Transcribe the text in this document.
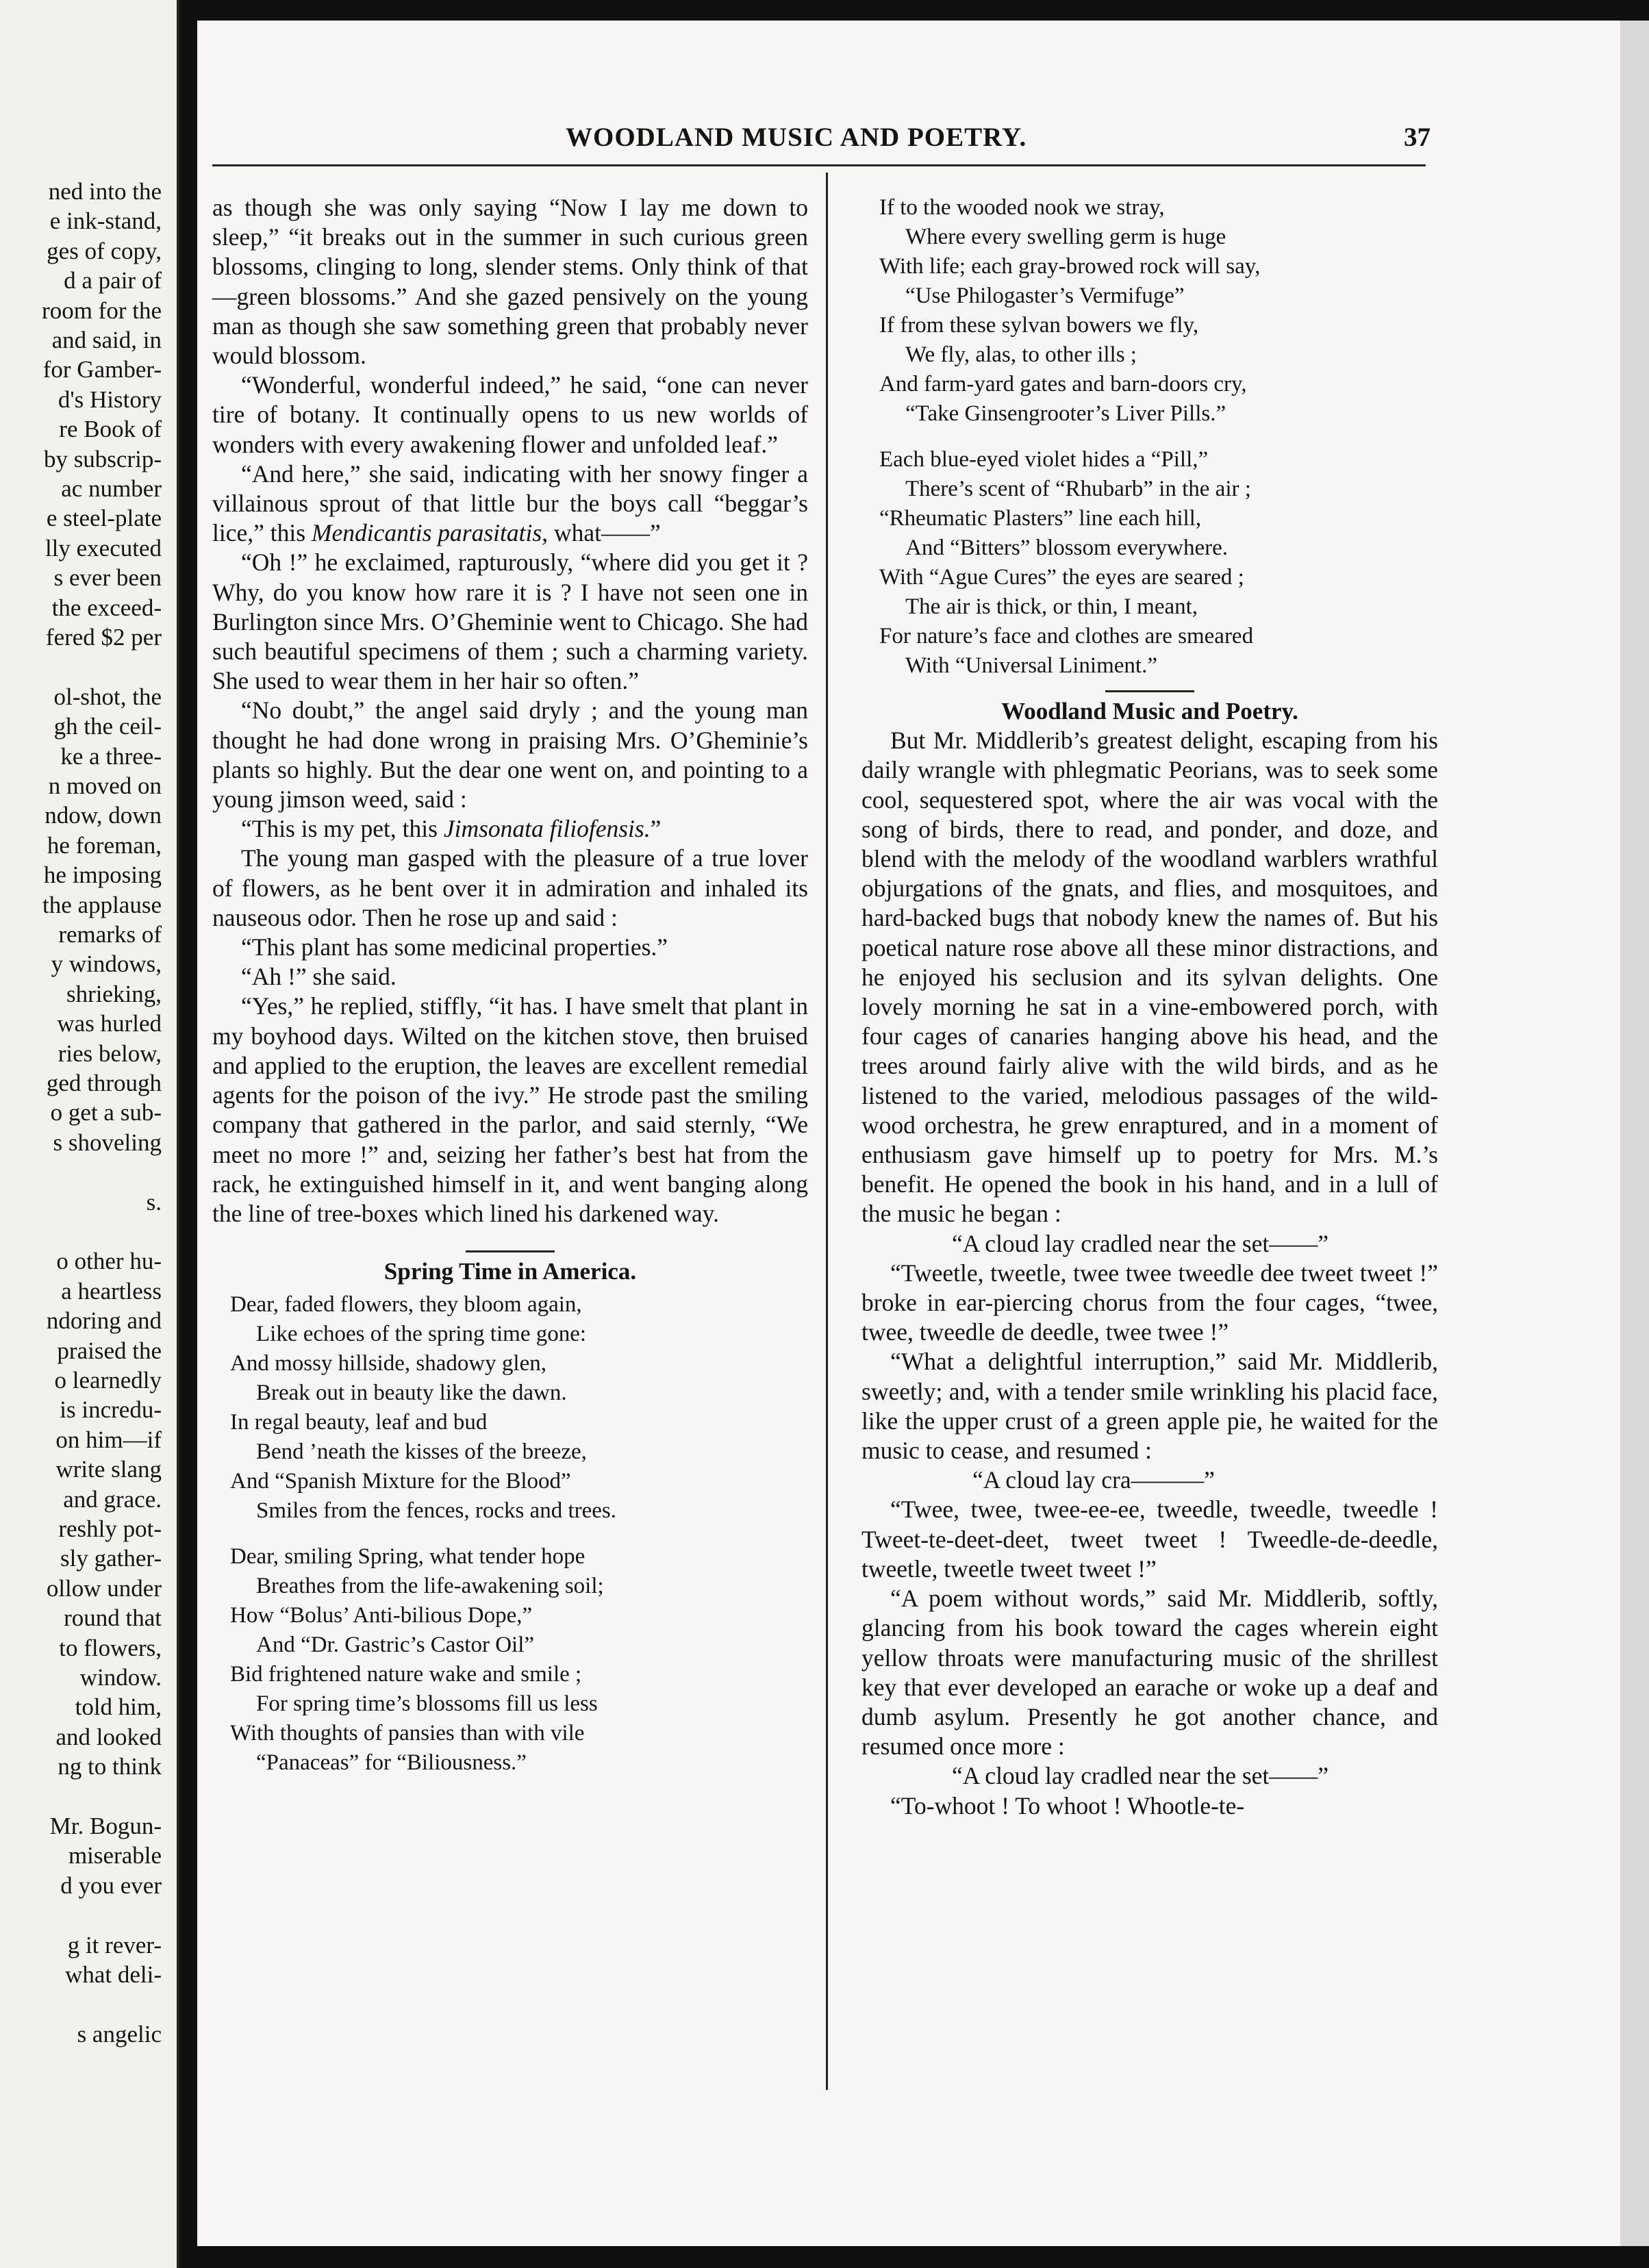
ned into the
e ink-stand,
ges of copy,
d a pair of
room for the
and said, in
for Gamber-
d's History
re Book of
by subscrip-
ac number
e steel-plate
lly executed
s ever been
the exceed-
fered $2 per
ol-shot, the
gh the ceil-
ke a three-
n moved on
ndow, down
he foreman,
he imposing
the applause
remarks of
y windows,
shrieking,
was hurled
ries below,
ged through
o get a sub-
s shoveling
s.
o other hu-
a heartless
ndoring and
praised the
o learnedly
is incredu-
on him—if
write slang
and grace.
reshly pot-
sly gather-
ollow under
round that
to flowers,
window.
told him,
and looked
ng to think
Mr. Bogun-
miserable
d you ever
g it rever-
what deli-
s angelic
WOODLAND MUSIC AND POETRY.	37

as though she was only saying “Now I lay me down to sleep,” “it breaks out in the summer in such curious green blossoms, clinging to long, slender stems. Only think of that—green blossoms.” And she gazed pensively on the young man as though she saw something green that probably never would blossom.

“Wonderful, wonderful indeed,” he said, “one can never tire of botany. It continually opens to us new worlds of wonders with every awakening flower and unfolded leaf.”

“And here,” she said, indicating with her snowy finger a villainous sprout of that little bur the boys call “beggar’s lice,” this Mendicantis parasitatis, what——”

“Oh !” he exclaimed, rapturously, “where did you get it ? Why, do you know how rare it is ? I have not seen one in Burlington since Mrs. O’Gheminie went to Chicago. She had such beautiful specimens of them ; such a charming variety. She used to wear them in her hair so often.”

“No doubt,” the angel said dryly ; and the young man thought he had done wrong in praising Mrs. O’Gheminie’s plants so highly. But the dear one went on, and pointing to a young jimson weed, said :

“This is my pet, this Jimsonata filiofensis.”

The young man gasped with the pleasure of a true lover of flowers, as he bent over it in admiration and inhaled its nauseous odor. Then he rose up and said :

“This plant has some medicinal properties.”

“Ah !” she said.

“Yes,” he replied, stiffly, “it has. I have smelt that plant in my boyhood days. Wilted on the kitchen stove, then bruised and applied to the eruption, the leaves are excellent remedial agents for the poison of the ivy.” He strode past the smiling company that gathered in the parlor, and said sternly, “We meet no more !” and, seizing her father’s best hat from the rack, he extinguished himself in it, and went banging along the line of tree-boxes which lined his darkened way.

Spring Time in America.
Dear, faded flowers, they bloom again,
Like echoes of the spring time gone:
And mossy hillside, shadowy glen,
Break out in beauty like the dawn.
In regal beauty, leaf and bud
Bend ’neath the kisses of the breeze,
And “Spanish Mixture for the Blood”
Smiles from the fences, rocks and trees.
Dear, smiling Spring, what tender hope
Breathes from the life-awakening soil;
How “Bolus’ Anti-bilious Dope,”
And “Dr. Gastric’s Castor Oil”
Bid frightened nature wake and smile ;
For spring time’s blossoms fill us less
With thoughts of pansies than with vile
“Panaceas” for “Biliousness.”
If to the wooded nook we stray,
Where every swelling germ is huge
With life; each gray-browed rock will say,
“Use Philogaster’s Vermifuge”
If from these sylvan bowers we fly,
We fly, alas, to other ills ;
And farm-yard gates and barn-doors cry,
“Take Ginsengrooter’s Liver Pills.”
Each blue-eyed violet hides a “Pill,”
There’s scent of “Rhubarb” in the air ;
“Rheumatic Plasters” line each hill,
And “Bitters” blossom everywhere.
With “Ague Cures” the eyes are seared ;
The air is thick, or thin, I meant,
For nature’s face and clothes are smeared
With “Universal Liniment.”
Woodland Music and Poetry.

But Mr. Middlerib’s greatest delight, escaping from his daily wrangle with phlegmatic Peorians, was to seek some cool, sequestered spot, where the air was vocal with the song of birds, there to read, and ponder, and doze, and blend with the melody of the woodland warblers wrathful objurgations of the gnats, and flies, and mosquitoes, and hard-backed bugs that nobody knew the names of. But his poetical nature rose above all these minor distractions, and he enjoyed his seclusion and its sylvan delights. One lovely morning he sat in a vine-embowered porch, with four cages of canaries hanging above his head, and the trees around fairly alive with the wild birds, and as he listened to the varied, melodious passages of the wild-wood orchestra, he grew enraptured, and in a moment of enthusiasm gave himself up to poetry for Mrs. M.’s benefit. He opened the book in his hand, and in a lull of the music he began :

“A cloud lay cradled near the set——”

“Tweetle, tweetle, twee twee tweedle dee tweet tweet !” broke in ear-piercing chorus from the four cages, “twee, twee, tweedle de deedle, twee twee !”

“What a delightful interruption,” said Mr. Middlerib, sweetly; and, with a tender smile wrinkling his placid face, like the upper crust of a green apple pie, he waited for the music to cease, and resumed :

“A cloud lay cra———”

“Twee, twee, twee-ee-ee, tweedle, tweedle, tweedle ! Tweet-te-deet-deet, tweet tweet ! Tweedle-de-deedle, tweetle, tweetle tweet tweet !”

“A poem without words,” said Mr. Middlerib, softly, glancing from his book toward the cages wherein eight yellow throats were manufacturing music of the shrillest key that ever developed an earache or woke up a deaf and dumb asylum. Presently he got another chance, and resumed once more :

“A cloud lay cradled near the set——”

“To-whoot ! To whoot ! Whootle-te-
